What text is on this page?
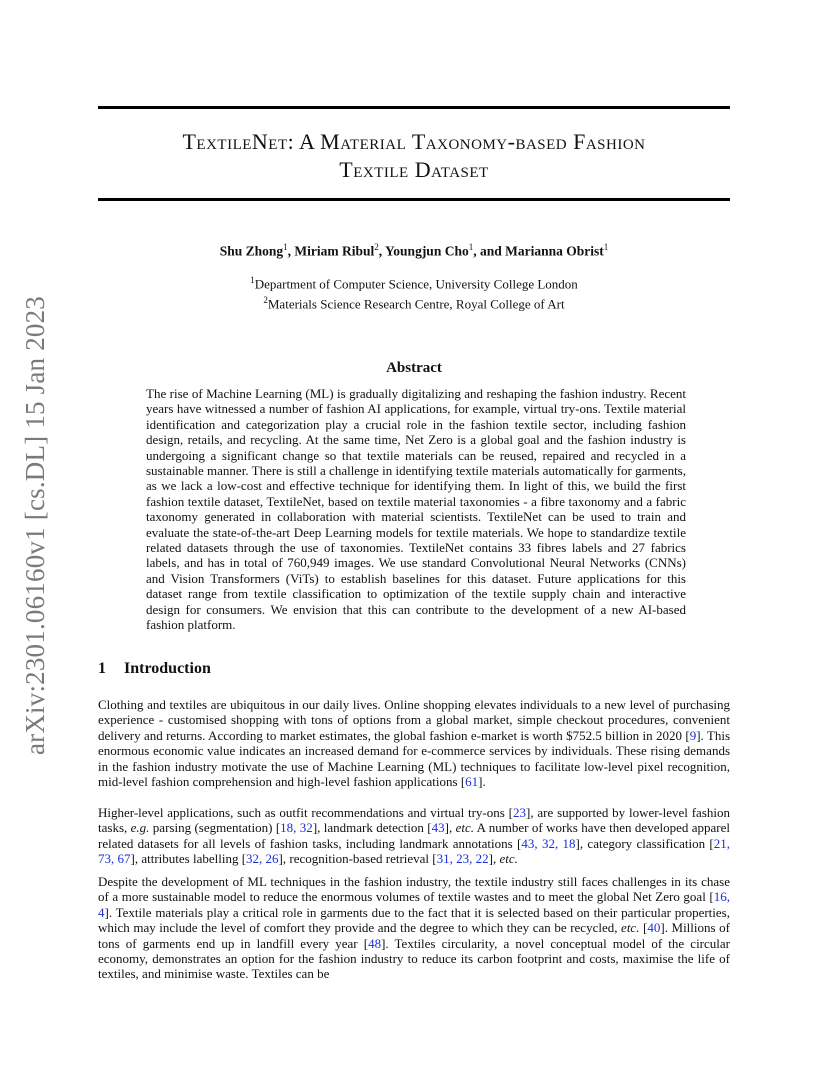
arXiv:2301.06160v1 [cs.DL] 15 Jan 2023
TextileNet: A Material Taxonomy-based Fashion
Textile Dataset
Shu Zhong$^1$, Miriam Ribul$^2$, Youngjun Cho$^1$, and Marianna Obrist$^1$
$^1$Department of Computer Science, University College London
$^2$Materials Science Research Centre, Royal College of Art
Abstract
The rise of Machine Learning (ML) is gradually digitalizing and reshaping the fashion industry. Recent years have witnessed a number of fashion AI applications, for example, virtual try-ons. Textile material identification and categorization play a crucial role in the fashion textile sector, including fashion design, retails, and recycling. At the same time, Net Zero is a global goal and the fashion industry is undergoing a significant change so that textile materials can be reused, repaired and recycled in a sustainable manner. There is still a challenge in identifying textile materials automatically for garments, as we lack a low-cost and effective technique for identifying them. In light of this, we build the first fashion textile dataset, TextileNet, based on textile material taxonomies - a fibre taxonomy and a fabric taxonomy generated in collaboration with material scientists. TextileNet can be used to train and evaluate the state-of-the-art Deep Learning models for textile materials. We hope to standardize textile related datasets through the use of taxonomies. TextileNet contains 33 fibres labels and 27 fabrics labels, and has in total of 760,949 images. We use standard Convolutional Neural Networks (CNNs) and Vision Transformers (ViTs) to establish baselines for this dataset. Future applications for this dataset range from textile classification to optimization of the textile supply chain and interactive design for consumers. We envision that this can contribute to the development of a new AI-based fashion platform.
1 Introduction

Clothing and textiles are ubiquitous in our daily lives. Online shopping elevates individuals to a new level of purchasing experience - customised shopping with tons of options from a global market, simple checkout procedures, convenient delivery and returns. According to market estimates, the global fashion e-market is worth $752.5 billion in 2020 [9]. This enormous economic value indicates an increased demand for e-commerce services by individuals. These rising demands in the fashion industry motivate the use of Machine Learning (ML) techniques to facilitate low-level pixel recognition, mid-level fashion comprehension and high-level fashion applications [61].

Higher-level applications, such as outfit recommendations and virtual try-ons [23], are supported by lower-level fashion tasks, e.g. parsing (segmentation) [18, 32], landmark detection [43], etc. A number of works have then developed apparel related datasets for all levels of fashion tasks, including landmark annotations [43, 32, 18], category classification [21, 73, 67], attributes labelling [32, 26], recognition-based retrieval [31, 23, 22], etc.

Despite the development of ML techniques in the fashion industry, the textile industry still faces challenges in its chase of a more sustainable model to reduce the enormous volumes of textile wastes and to meet the global Net Zero goal [16, 4]. Textile materials play a critical role in garments due to the fact that it is selected based on their particular properties, which may include the level of comfort they provide and the degree to which they can be recycled, etc. [40]. Millions of tons of garments end up in landfill every year [48]. Textiles circularity, a novel conceptual model of the circular economy, demonstrates an option for the fashion industry to reduce its carbon footprint and costs, maximise the life of textiles, and minimise waste. Textiles can be
